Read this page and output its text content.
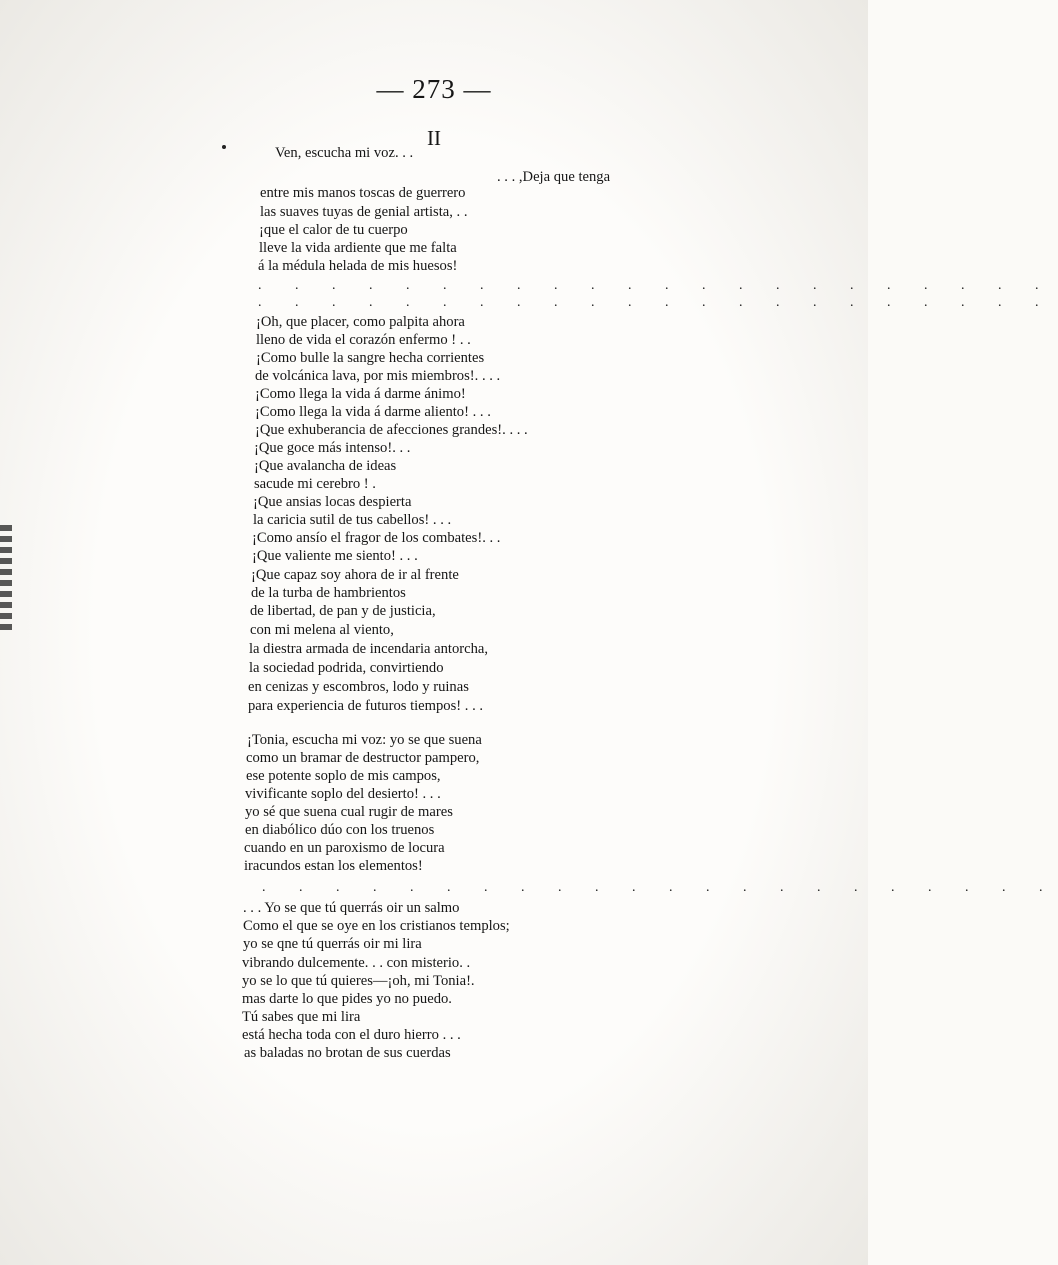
— 273 —
II
Ven, escucha mi voz. . .
. . . ,Deja que tenga
entre mis manos toscas de guerrero
las suaves tuyas de genial artista, . .
¡que el calor de tu cuerpo
lleve la vida ardiente que me falta
á la médula helada de mis huesos!
. . . . . . . . . . . . . . . . . . . . . .
. . . . . . . . . . . . . . . . . . . . . .
¡Oh, que placer, como palpita ahora
lleno de vida el corazón enfermo ! . .
¡Como bulle la sangre hecha corrientes
de volcánica lava, por mis miembros!. . . .
¡Como llega la vida á darme ánimo!
¡Como llega la vida á darme aliento! . . .
¡Que exhuberancia de afecciones grandes!. . . .
¡Que goce más intenso!. . .
¡Que avalancha de ideas
sacude mi cerebro ! .
¡Que ansias locas despierta
la caricia sutil de tus cabellos! . . .
¡Como ansío el fragor de los combates!. . .
¡Que valiente me siento! . . .
¡Que capaz soy ahora de ir al frente
de la turba de hambrientos
de libertad, de pan y de justicia,
con mi melena al viento,
la diestra armada de incendaria antorcha,
la sociedad podrida, convirtiendo
en cenizas y escombros, lodo y ruinas
para experiencia de futuros tiempos! . . .
¡Tonia, escucha mi voz: yo se que suena
como un bramar de destructor pampero,
ese potente soplo de mis campos,
vivificante soplo del desierto! . . .
yo sé que suena cual rugir de mares
en diabólico dúo con los truenos
cuando en un paroxismo de locura
iracundos estan los elementos!
. . . . . . . . . . . . . . . . . . . . . .
. . . Yo se que tú querrás oir un salmo
Como el que se oye en los cristianos templos;
yo se qne tú querrás oir mi lira
vibrando dulcemente. . . con misterio. .
yo se lo que tú quieres—¡oh, mi Tonia!.
mas darte lo que pides yo no puedo.
Tú sabes que mi lira
está hecha toda con el duro hierro . . .
as baladas no brotan de sus cuerdas
